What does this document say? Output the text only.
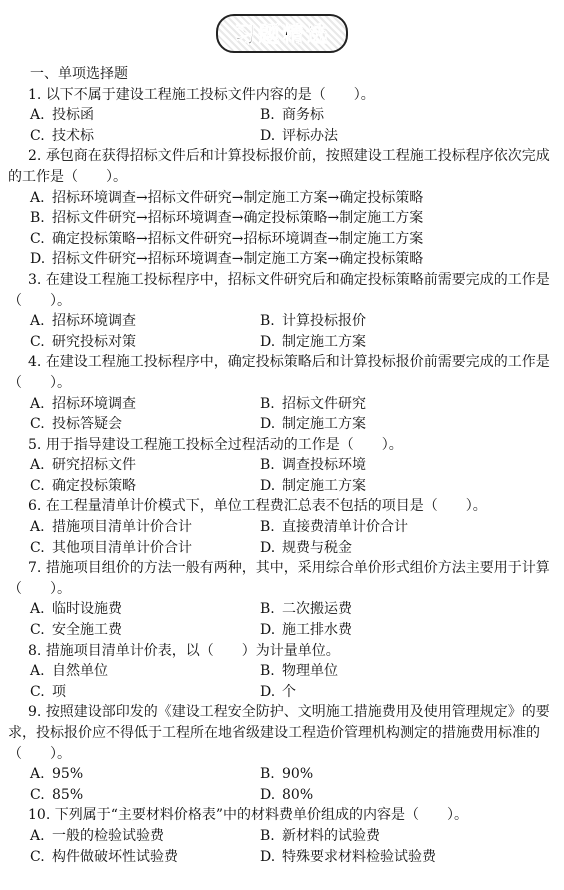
习题精选

一、单项选择题

1. 以下不属于建设工程施工投标文件内容的是（　　）。

A. 投标函	B. 商务标

C. 技术标	D. 评标办法

2. 承包商在获得招标文件后和计算投标报价前，按照建设工程施工投标程序依次完成的工作是（　　）。

A. 招标环境调查→招标文件研究→制定施工方案→确定投标策略

B. 招标文件研究→招标环境调查→确定投标策略→制定施工方案

C. 确定投标策略→招标文件研究→招标环境调查→制定施工方案

D. 招标文件研究→招标环境调查→制定施工方案→确定投标策略

3. 在建设工程施工投标程序中，招标文件研究后和确定投标策略前需要完成的工作是（　　）。

A. 招标环境调查	B. 计算投标报价

C. 研究投标对策	D. 制定施工方案

4. 在建设工程施工投标程序中，确定投标策略后和计算投标报价前需要完成的工作是（　　）。

A. 招标环境调查	B. 招标文件研究

C. 投标答疑会	D. 制定施工方案

5. 用于指导建设工程施工投标全过程活动的工作是（　　）。

A. 研究招标文件	B. 调查投标环境

C. 确定投标策略	D. 制定施工方案

6. 在工程量清单计价模式下，单位工程费汇总表不包括的项目是（　　）。

A. 措施项目清单计价合计	B. 直接费清单计价合计

C. 其他项目清单计价合计	D. 规费与税金

7. 措施项目组价的方法一般有两种，其中，采用综合单价形式组价方法主要用于计算（　　）。

A. 临时设施费	B. 二次搬运费

C. 安全施工费	D. 施工排水费

8. 措施项目清单计价表，以（　　）为计量单位。

A. 自然单位	B. 物理单位

C. 项	D. 个

9. 按照建设部印发的《建设工程安全防护、文明施工措施费用及使用管理规定》的要求，投标报价应不得低于工程所在地省级建设工程造价管理机构测定的措施费用标准的（　　）。

A. 95%	B. 90%

C. 85%	D. 80%

10. 下列属于“主要材料价格表”中的材料费单价组成的内容是（　　）。

A. 一般的检验试验费	B. 新材料的试验费

C. 构件做破坏性试验费	D. 特殊要求材料检验试验费
